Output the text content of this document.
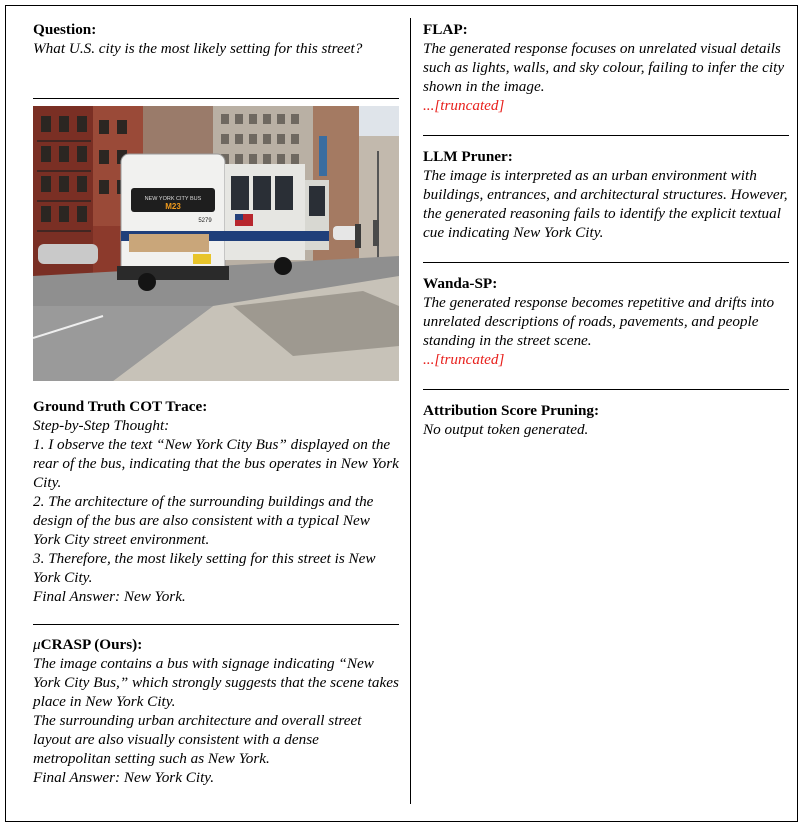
Question:
What U.S. city is the most likely setting for this street?
NEW YORK CITY BUS
M23
5279
Ground Truth COT Trace:
Step-by-Step Thought:
1. I observe the text “New York City Bus” displayed on the rear of the bus, indicating that the bus operates in New York City.
2. The architecture of the surrounding buildings and the design of the bus are also consistent with a typical New York City street environment.
3. Therefore, the most likely setting for this street is New York City.
Final Answer: New York.
μCRASP (Ours):
The image contains a bus with signage indicating “New York City Bus,” which strongly suggests that the scene takes place in New York City.
The surrounding urban architecture and overall street layout are also visually consistent with a dense metropolitan setting such as New York.
Final Answer: New York City.
FLAP:
The generated response focuses on unrelated visual details such as lights, walls, and sky colour, failing to infer the city shown in the image.
...[truncated]
LLM Pruner:
The image is interpreted as an urban environment with buildings, entrances, and architectural structures. However, the generated reasoning fails to identify the explicit textual cue indicating New York City.
Wanda-SP:
The generated response becomes repetitive and drifts into unrelated descriptions of roads, pavements, and people standing in the street scene.
...[truncated]
Attribution Score Pruning:
No output token generated.
